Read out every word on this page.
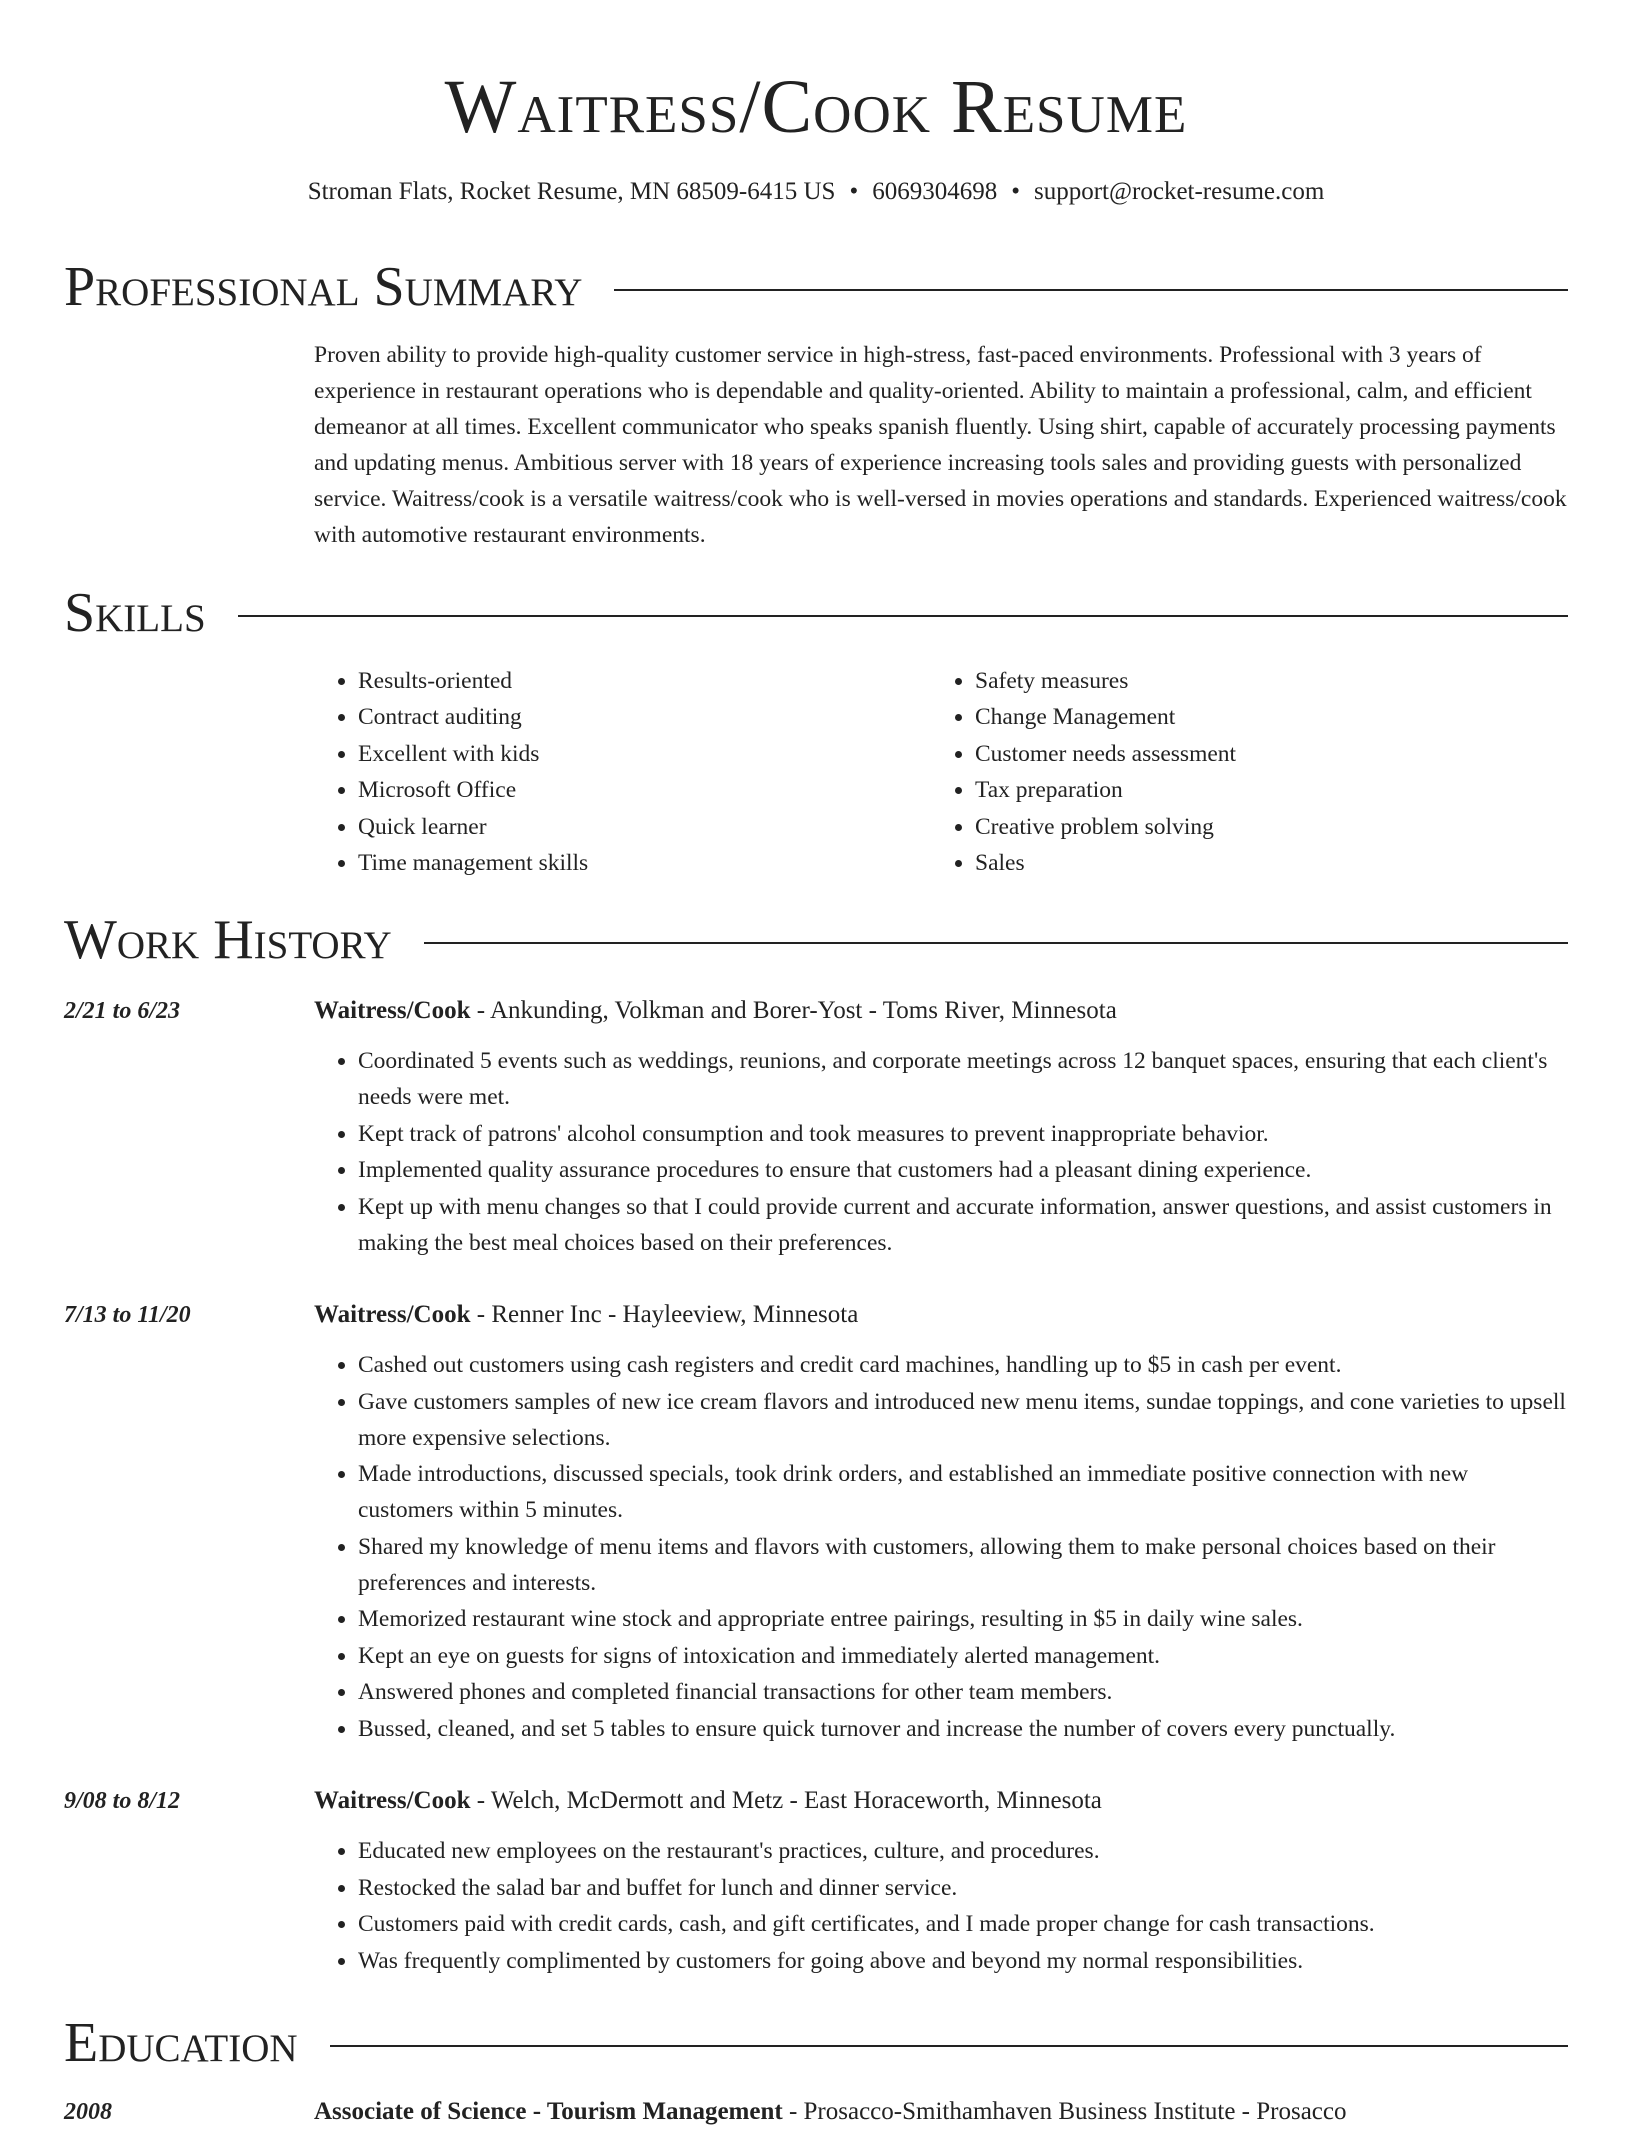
Waitress/Cook Resume
Stroman Flats, Rocket Resume, MN 68509-6415 US • 6069304698 • support@rocket-resume.com
Professional Summary

Proven ability to provide high-quality customer service in high-stress, fast-paced environments. Professional with 3 years of experience in restaurant operations who is dependable and quality-oriented. Ability to maintain a professional, calm, and efficient demeanor at all times. Excellent communicator who speaks spanish fluently. Using shirt, capable of accurately processing payments and updating menus. Ambitious server with 18 years of experience increasing tools sales and providing guests with personalized service. Waitress/cook is a versatile waitress/cook who is well-versed in movies operations and standards. Experienced waitress/cook with automotive restaurant environments.

Skills
• Results-oriented
• Contract auditing
• Excellent with kids
• Microsoft Office
• Quick learner
• Time management skills
• Safety measures
• Change Management
• Customer needs assessment
• Tax preparation
• Creative problem solving
• Sales
Work History
2/21 to 6/23	Waitress/Cook - Ankunding, Volkman and Borer-Yost - Toms River, Minnesota
• Coordinated 5 events such as weddings, reunions, and corporate meetings across 12 banquet spaces, ensuring that each client's needs were met.
• Kept track of patrons' alcohol consumption and took measures to prevent inappropriate behavior.
• Implemented quality assurance procedures to ensure that customers had a pleasant dining experience.
• Kept up with menu changes so that I could provide current and accurate information, answer questions, and assist customers in making the best meal choices based on their preferences.
7/13 to 11/20	Waitress/Cook - Renner Inc - Hayleeview, Minnesota
• Cashed out customers using cash registers and credit card machines, handling up to $5 in cash per event.
• Gave customers samples of new ice cream flavors and introduced new menu items, sundae toppings, and cone varieties to upsell more expensive selections.
• Made introductions, discussed specials, took drink orders, and established an immediate positive connection with new customers within 5 minutes.
• Shared my knowledge of menu items and flavors with customers, allowing them to make personal choices based on their preferences and interests.
• Memorized restaurant wine stock and appropriate entree pairings, resulting in $5 in daily wine sales.
• Kept an eye on guests for signs of intoxication and immediately alerted management.
• Answered phones and completed financial transactions for other team members.
• Bussed, cleaned, and set 5 tables to ensure quick turnover and increase the number of covers every punctually.
9/08 to 8/12	Waitress/Cook - Welch, McDermott and Metz - East Horaceworth, Minnesota
• Educated new employees on the restaurant's practices, culture, and procedures.
• Restocked the salad bar and buffet for lunch and dinner service.
• Customers paid with credit cards, cash, and gift certificates, and I made proper change for cash transactions.
• Was frequently complimented by customers for going above and beyond my normal responsibilities.
Education
2008	Associate of Science - Tourism Management - Prosacco-Smithamhaven Business Institute - Prosacco
